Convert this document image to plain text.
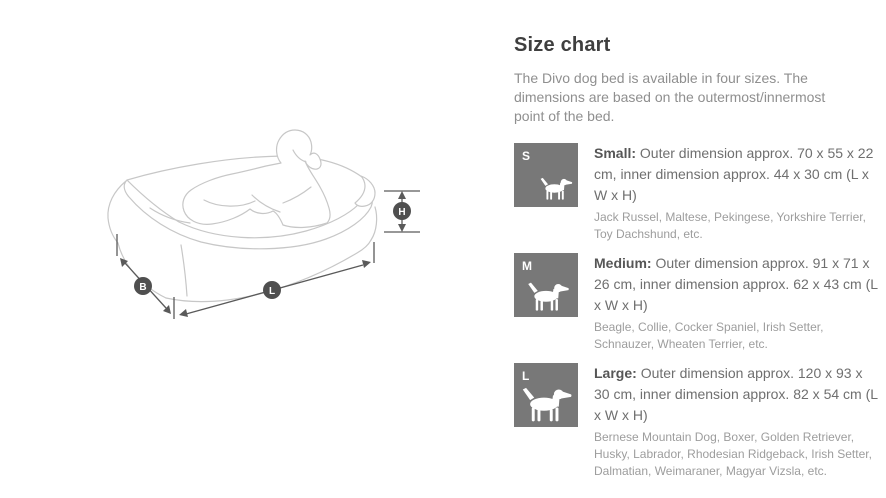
H
L
B
Size chart

The Divo dog bed is available in four sizes. The dimensions are based on the outermost/innermost point of the bed.

S	Small: Outer dimension approx. 70 x 55 x 22 cm, inner dimension approx. 44 x 30 cm (L x W x H)
Jack Russel, Maltese, Pekingese, Yorkshire Terrier, Toy Dachshund, etc.
M	Medium: Outer dimension approx. 91 x 71 x 26 cm, inner dimension approx. 62 x 43 cm (L x W x H)
Beagle, Collie, Cocker Spaniel, Irish Setter, Schnauzer, Wheaten Terrier, etc.
L	Large: Outer dimension approx. 120 x 93 x 30 cm, inner dimension approx. 82 x 54 cm (L x W x H)
Bernese Mountain Dog, Boxer, Golden Retriever, Husky, Labrador, Rhodesian Ridgeback, Irish Setter, Dalmatian, Weimaraner, Magyar Vizsla, etc.
